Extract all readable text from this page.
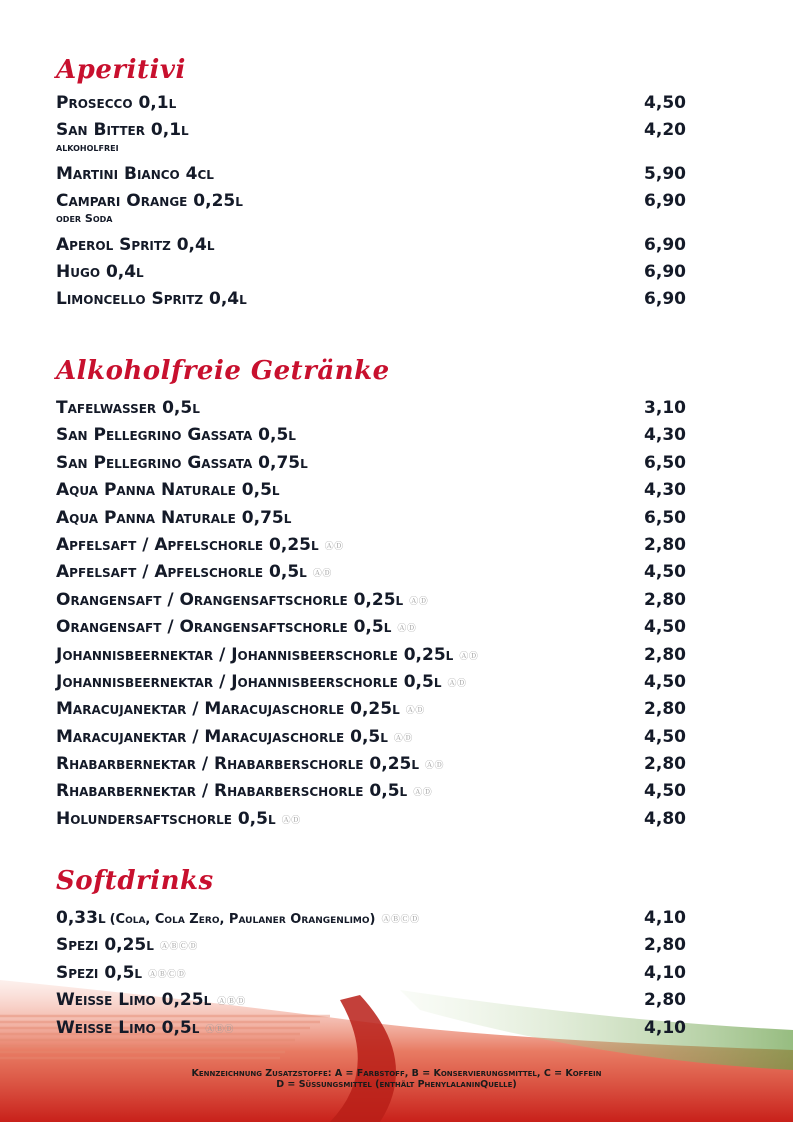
Aperitivi
Prosecco 0,1l	4,50
San Bitter 0,1l	4,20
alkoholfrei
Martini Bianco 4cl	5,90
Campari Orange 0,25l	6,90
oder Soda
Aperol Spritz 0,4l	6,90
Hugo 0,4l	6,90
Limoncello Spritz 0,4l	6,90
Alkoholfreie Getränke
Tafelwasser 0,5l	3,10
San Pellegrino Gassata 0,5l	4,30
San Pellegrino Gassata 0,75l	6,50
Aqua Panna Naturale 0,5l	4,30
Aqua Panna Naturale 0,75l	6,50
Apfelsaft / Apfelschorle 0,25l ⒶⒹ	2,80
Apfelsaft / Apfelschorle 0,5l ⒶⒹ	4,50
Orangensaft / Orangensaftschorle 0,25l ⒶⒹ	2,80
Orangensaft / Orangensaftschorle 0,5l ⒶⒹ	4,50
Johannisbeernektar / Johannisbeerschorle 0,25l ⒶⒹ	2,80
Johannisbeernektar / Johannisbeerschorle 0,5l ⒶⒹ	4,50
Maracujanektar / Maracujaschorle 0,25l ⒶⒹ	2,80
Maracujanektar / Maracujaschorle 0,5l ⒶⒹ	4,50
Rhabarbernektar / Rhabarberschorle 0,25l ⒶⒹ	2,80
Rhabarbernektar / Rhabarberschorle 0,5l ⒶⒹ	4,50
Holundersaftschorle 0,5l ⒶⒹ	4,80
Softdrinks
0,33l (Cola, Cola Zero, Paulaner Orangenlimo) ⒶⒷⒸⒹ	4,10
Spezi 0,25l ⒶⒷⒸⒹ	2,80
Spezi 0,5l ⒶⒷⒸⒹ	4,10
Weisse Limo 0,25l ⒶⒷⒹ	2,80
Weisse Limo 0,5l ⒶⒷⒹ	4,10
Kennzeichnung Zusatzstoffe: A = Farbstoff, B = Konservierungsmittel, C = Koffein
D = Süssungsmittel (enthält PhenylalaninQuelle)
